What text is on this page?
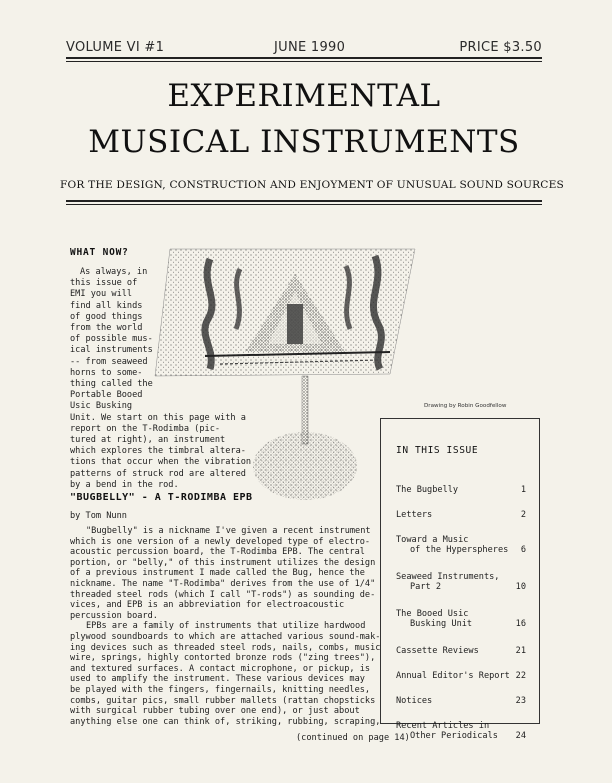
VOLUME VI #1	JUNE 1990	PRICE $3.50
EXPERIMENTAL
MUSICAL INSTRUMENTS
FOR THE DESIGN, CONSTRUCTION AND ENJOYMENT OF UNUSUAL SOUND SOURCES
WHAT NOW?
As always, in
this issue of
EMI you will
find all kinds
of good things
from the world
of possible mus-
ical instruments
-- from seaweed
horns to some-
thing called the
Portable Booed
Usic Busking
Unit. We start on this page with a
report on the T-Rodimba (pic-
tured at right), an instrument
which explores the timbral altera-
tions that occur when the vibration
patterns of struck rod are altered
by a bend in the rod.
Drawing by Robin Goodfellow
"BUGBELLY" - A T-RODIMBA EPB
by Tom Nunn
"Bugbelly" is a nickname I've given a recent instrument
which is one version of a newly developed type of electro-
acoustic percussion board, the T-Rodimba EPB. The central
portion, or "belly," of this instrument utilizes the design
of a previous instrument I made called the Bug, hence the
nickname. The name "T-Rodimba" derives from the use of 1/4"
threaded steel rods (which I call "T-rods") as sounding de-
vices, and EPB is an abbreviation for electroacoustic
percussion board.
EPBs are a family of instruments that utilize hardwood
plywood soundboards to which are attached various sound-mak-
ing devices such as threaded steel rods, nails, combs, music
wire, springs, highly contorted bronze rods ("zing trees"),
and textured surfaces. A contact microphone, or pickup, is
used to amplify the instrument. These various devices may
be played with the fingers, fingernails, knitting needles,
combs, guitar pics, small rubber mallets (rattan chopsticks
with surgical rubber tubing over one end), or just about
anything else one can think of, striking, rubbing, scraping,
(continued on page 14)
IN THIS ISSUE
The Bugbelly	1
Letters	2
Toward a Music
of the Hyperspheres	6
Seaweed Instruments,
Part 2	10
The Booed Usic
Busking Unit	16
Cassette Reviews	21
Annual Editor's Report 22
Notices	23
Recent Articles in
Other Periodicals	24
